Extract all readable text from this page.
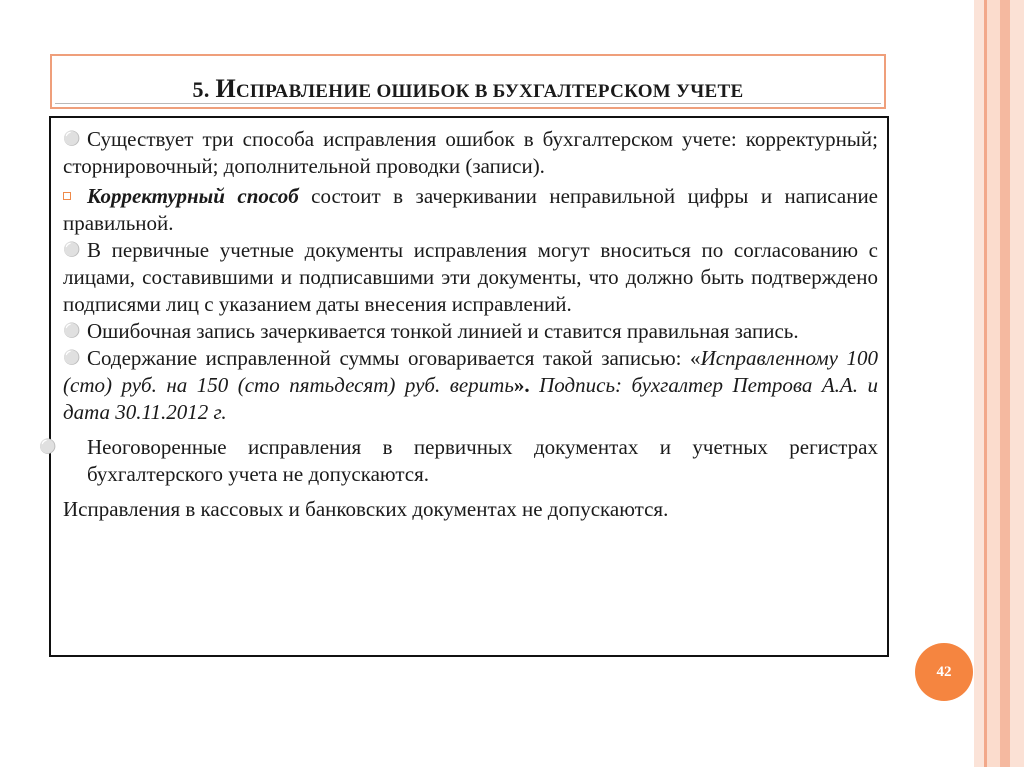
5. ИСПРАВЛЕНИЕ ОШИБОК В БУХГАЛТЕРСКОМ УЧЕТЕ

⚪ Существует три способа исправления ошибок в бухгалтерском учете: корректурный; сторнировочный; дополнительной проводки (записи).

Корректурный способ состоит в зачеркивании неправильной цифры и написание правильной.

⚪ В первичные учетные документы исправления могут вноситься по согласованию с лицами, составившими и подписавшими эти документы, что должно быть подтверждено подписями лиц с указанием даты внесения исправлений.

⚪ Ошибочная запись зачеркивается тонкой линией и ставится правильная запись.

⚪ Содержание исправленной суммы оговаривается такой записью: «Исправленному 100 (сто) руб. на 150 (сто пятьдесят) руб. верить». Подпись: бухгалтер Петрова А.А. и дата 30.11.2012 г.

⚪ Неоговоренные исправления в первичных документах и учетных регистрах бухгалтерского учета не допускаются.

Исправления в кассовых и банковских документах не допускаются.

42
